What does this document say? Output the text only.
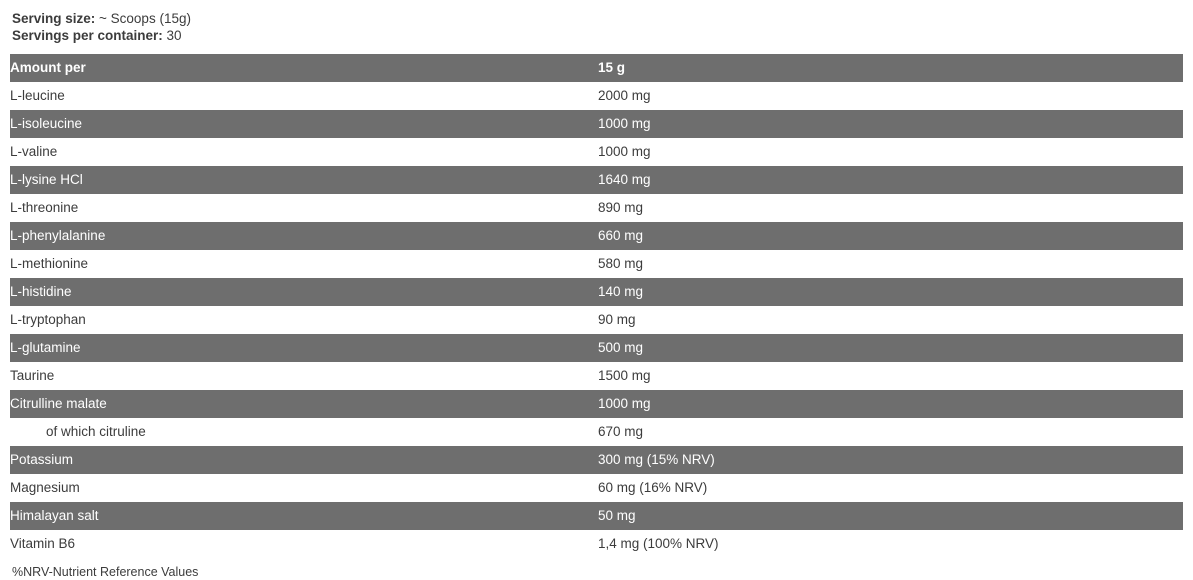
Serving size: ~ Scoops (15g)
Servings per container: 30
Amount per	15 g
L-leucine	2000 mg
L-isoleucine	1000 mg
L-valine	1000 mg
L-lysine HCl	1640 mg
L-threonine	890 mg
L-phenylalanine	660 mg
L-methionine	580 mg
L-histidine	140 mg
L-tryptophan	90 mg
L-glutamine	500 mg
Taurine	1500 mg
Citrulline malate	1000 mg
of which citruline	670 mg
Potassium	300 mg (15% NRV)
Magnesium	60 mg (16% NRV)
Himalayan salt	50 mg
Vitamin B6	1,4 mg (100% NRV)
%NRV-Nutrient Reference Values
